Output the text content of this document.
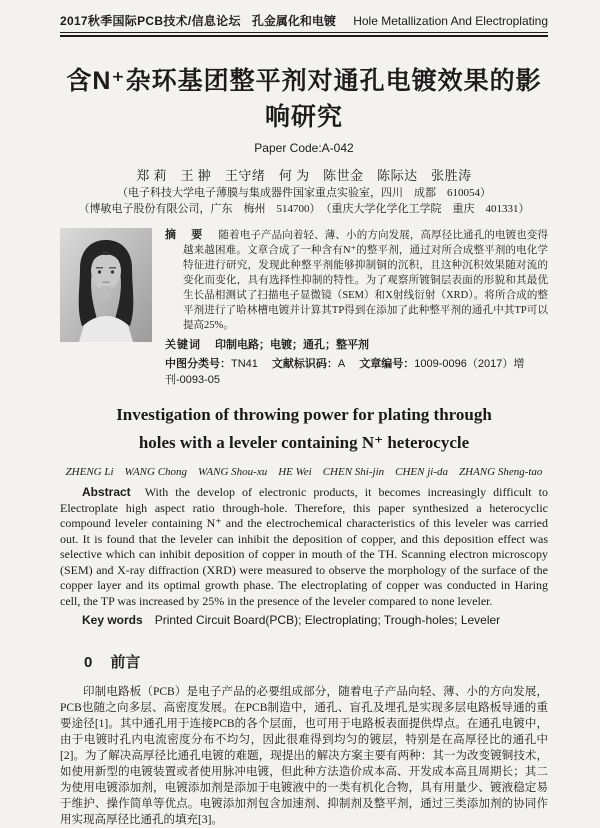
2017秋季国际PCB技术/信息论坛 孔金属化和电镀 Hole Metallization And Electroplating
含N⁺杂环基团整平剂对通孔电镀效果的影响研究
Paper Code:A-042
郑 莉　王 翀　王守绪　何 为　陈世金　陈际达　张胜涛
（电子科技大学电子薄膜与集成器件国家重点实验室，四川　成都　610054）
（博敏电子股份有限公司，广东　梅州　514700）　（重庆大学化学化工学院　重庆　401331）

摘　要 随着电子产品向着轻、薄、小的方向发展，高厚径比通孔的电镀也变得越来越困难。文章合成了一种含有N⁺的整平剂，通过对所合成整平剂的电化学特征进行研究，发现此种整平剂能够抑制铜的沉积，且这种沉积效果随对流的变化而变化，具有选择性抑制的特性。为了观察所镀铜层表面的形貌和其最优生长晶相测试了扫描电子显微镜（SEM）和X射线衍射（XRD）。将所合成的整平剂进行了哈林槽电镀并计算其TP得到在添加了此种整平剂的通孔中其TP可以提高25%。

关键词 印制电路；电镀；通孔；整平剂
中图分类号：TN41 文献标识码：A 文章编号：1009-0096（2017）增刊-0093-05
Investigation of throwing power for plating through
holes with a leveler containing N⁺ heterocycle
ZHENG Li　WANG Chong　WANG Shou-xu　HE Wei　CHEN Shi-jin　CHEN ji-da　ZHANG Sheng-tao

Abstract With the develop of electronic products, it becomes increasingly difficult to Electroplate high aspect ratio through-hole. Therefore, this paper synthesized a heterocyclic compound leveler containing N⁺ and the electrochemical characteristics of this leveler was carried out. It is found that the leveler can inhibit the deposition of copper, and this deposition effect was selective which can inhibit deposition of copper in mouth of the TH. Scanning electron microscopy (SEM) and X-ray diffraction (XRD) were measured to observe the morphology of the surface of the copper layer and its optimal growth phase. The electroplating of copper was conducted in Haring cell, the TP was increased by 25% in the presence of the leveler compared to none leveler.

Key words Printed Circuit Board(PCB); Electroplating; Trough-holes; Leveler
0 前言

印制电路板（PCB）是电子产品的必要组成部分，随着电子产品向轻、薄、小的方向发展，PCB也随之向多层、高密度发展。在PCB制造中，通孔、盲孔及埋孔是实现多层电路板导通的重要途径[1]。其中通孔用于连接PCB的各个层面，也可用于电路板表面提供焊点。在通孔电镀中，由于电镀时孔内电流密度分布不均匀，因此很难得到均匀的镀层，特别是在高厚径比的通孔中[2]。为了解决高厚径比通孔电镀的难题，现提出的解决方案主要有两种：其一为改变镀铜技术，如使用新型的电镀装置或者使用脉冲电镀，但此种方法造价成本高、开发成本高且周期长；其二为使用电镀添加剂，电镀添加剂是添加于电镀液中的一类有机化合物，具有用量少、镀液稳定易于维护、操作简单等优点。电镀添加剂包含加速剂、抑制剂及整平剂，通过三类添加剂的协同作用实现高厚径比通孔的填充[3]。
